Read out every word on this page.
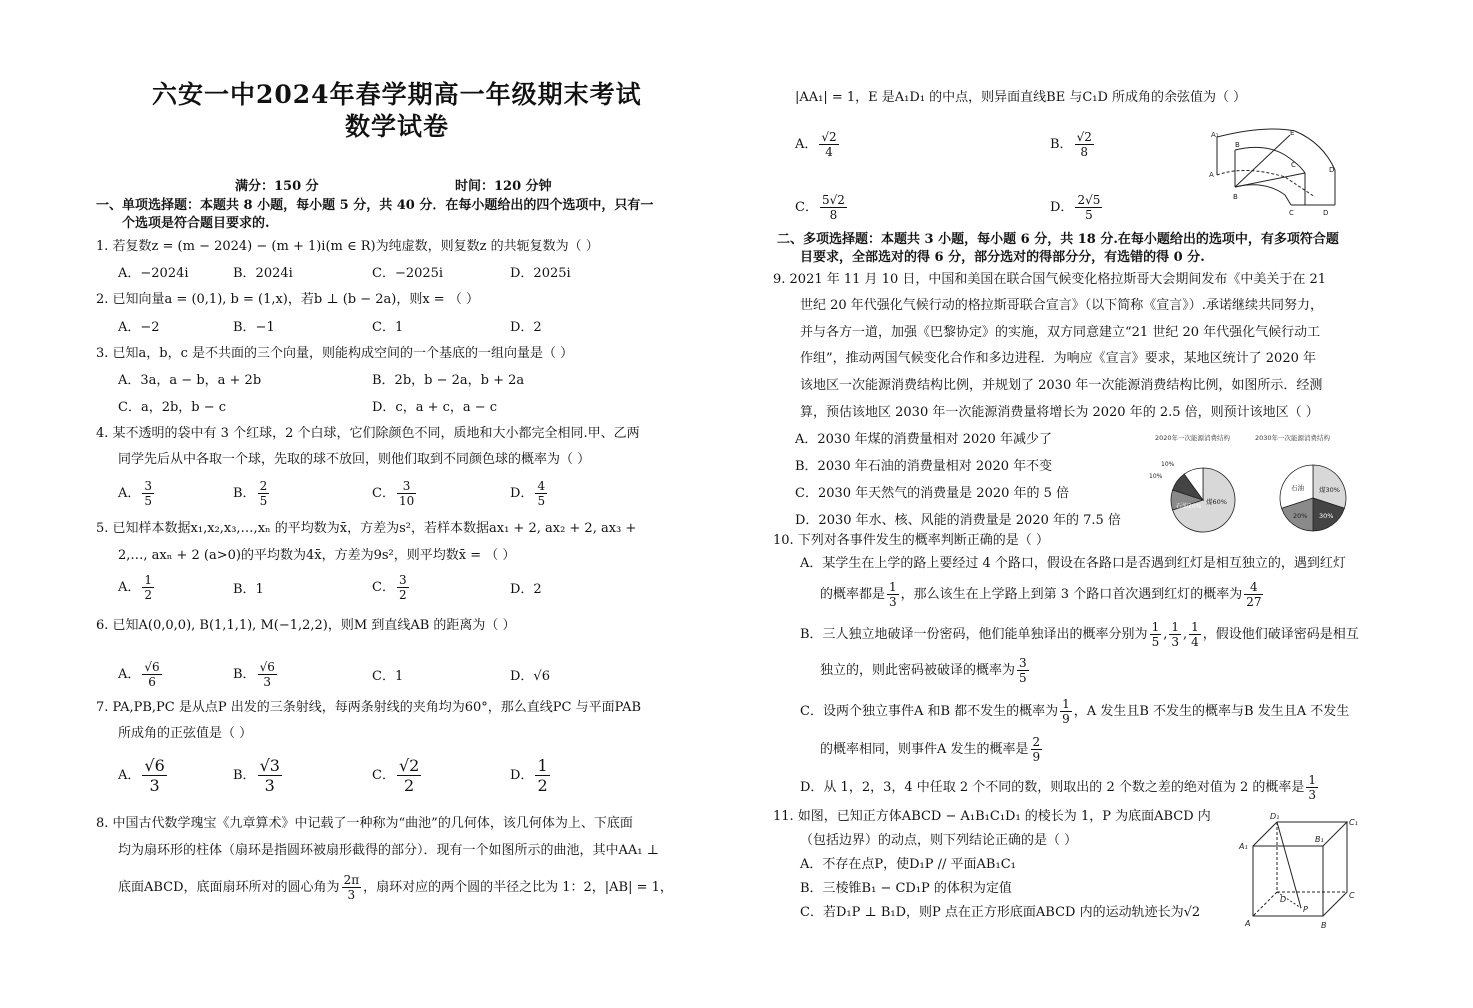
六安一中2024年春学期高一年级期末考试
数学试卷
满分：150 分	时间：120 分钟
一、单项选择题：本题共 8 小题，每小题 5 分，共 40 分．在每小题给出的四个选项中，只有一
个选项是符合题目要求的.
1. 若复数z = (m − 2024) − (m + 1)i(m ∈ R)为纯虚数，则复数z 的共轭复数为（ ）
A．−2024i	B．2024i	C．−2025i	D．2025i
2. 已知向量a = (0,1), b = (1,x)，若b ⊥ (b − 2a)，则x = （ ）
A．−2	B．−1	C．1	D．2
3. 已知a，b，c 是不共面的三个向量，则能构成空间的一个基底的一组向量是（ ）
A．3a，a − b，a + 2b	B．2b，b − 2a，b + 2a
C．a，2b，b − c	D．c，a + c，a − c
4. 某不透明的袋中有 3 个红球，2 个白球，它们除颜色不同，质地和大小都完全相同.甲、乙两
同学先后从中各取一个球，先取的球不放回，则他们取到不同颜色球的概率为（ ）
A． $\frac{3}{5}$	B． $\frac{2}{5}$	C． $\frac{3}{10}$	D． $\frac{4}{5}$
5. 已知样本数据x₁,x₂,x₃,…,xₙ 的平均数为x̄，方差为s²，若样本数据ax₁ + 2, ax₂ + 2, ax₃ +
2,…, axₙ + 2 (a>0)的平均数为4x̄，方差为9s²，则平均数x̄ = （ ）
A． $\frac{1}{2}$	B．1	C． $\frac{3}{2}$	D．2
6. 已知A(0,0,0), B(1,1,1), M(−1,2,2)，则M 到直线AB 的距离为（ ）
A． $\frac{√6}{6}$	B． $\frac{√6}{3}$	C．1	D．√6
7. PA,PB,PC 是从点P 出发的三条射线，每两条射线的夹角均为60°，那么直线PC 与平面PAB
所成角的正弦值是（ ）
A． $\frac{√6}{3}$	B． $\frac{√3}{3}$	C． $\frac{√2}{2}$	D． $\frac{1}{2}$
8. 中国古代数学瑰宝《九章算术》中记载了一种称为“曲池”的几何体，该几何体为上、下底面
均为扇环形的柱体（扇环是指圆环被扇形截得的部分）．现有一个如图所示的曲池，其中AA₁ ⊥
底面ABCD，底面扇环所对的圆心角为 $\frac{2\pi}{3}$ ，扇环对应的两个圆的半径之比为 1：2，|AB| = 1，
|AA₁| = 1，E 是A₁D₁ 的中点，则异面直线BE 与C₁D 所成角的余弦值为（ ）
A． $\frac{√2}{4}$	B． $\frac{√2}{8}$
C． $\frac{5√2}{8}$	D． $\frac{2√5}{5}$
A₁
B
E
C
D
A
B
C	D
二、多项选择题：本题共 3 小题，每小题 6 分，共 18 分.在每小题给出的选项中，有多项符合题
目要求，全部选对的得 6 分，部分选对的得部分分，有选错的得 0 分.
9. 2021 年 11 月 10 日，中国和美国在联合国气候变化格拉斯哥大会期间发布《中美关于在 21
世纪 20 年代强化气候行动的格拉斯哥联合宣言》（以下简称《宣言》）.承诺继续共同努力，
并与各方一道，加强《巴黎协定》的实施，双方同意建立“21 世纪 20 年代强化气候行动工
作组”，推动两国气候变化合作和多边进程．为响应《宣言》要求，某地区统计了 2020 年
该地区一次能源消费结构比例，并规划了 2030 年一次能源消费结构比例，如图所示．经测
算，预估该地区 2030 年一次能源消费量将增长为 2020 年的 2.5 倍，则预计该地区（ ）
A．2030 年煤的消费量相对 2020 年减少了
B．2030 年石油的消费量相对 2020 年不变
C．2030 年天然气的消费量是 2020 年的 5 倍
D．2030 年水、核、风能的消费量是 2020 年的 7.5 倍
2020年一次能源消费结构	2030年一次能源消费结构
煤60%
石油20%
10%
10%
煤30%
石油
20% 30%
10. 下列对各事件发生的概率判断正确的是（ ）
A．某学生在上学的路上要经过 4 个路口，假设在各路口是否遇到红灯是相互独立的，遇到红灯
的概率都是 $\frac{1}{3}$ ，那么该生在上学路上到第 3 个路口首次遇到红灯的概率为 $\frac{4}{27}$
B．三人独立地破译一份密码，他们能单独译出的概率分别为 $\frac{1}{5}$ , $\frac{1}{3}$ , $\frac{1}{4}$ ，假设他们破译密码是相互
独立的，则此密码被破译的概率为 $\frac{3}{5}$
C．设两个独立事件A 和B 都不发生的概率为 $\frac{1}{9}$ ，A 发生且B 不发生的概率与B 发生且A 不发生
的概率相同，则事件A 发生的概率是 $\frac{2}{9}$
D．从 1，2，3，4 中任取 2 个不同的数，则取出的 2 个数之差的绝对值为 2 的概率是 $\frac{1}{3}$
11. 如图，已知正方体ABCD − A₁B₁C₁D₁ 的棱长为 1，P 为底面ABCD 内
（包括边界）的动点，则下列结论正确的是（ ）
A．不存在点P，使D₁P // 平面AB₁C₁
B．三棱锥B₁ − CD₁P 的体积为定值
C．若D₁P ⊥ B₁D，则P 点在正方形底面ABCD 内的运动轨迹长为√2
D₁
C₁
A₁
B₁
D	C
A	B
P
